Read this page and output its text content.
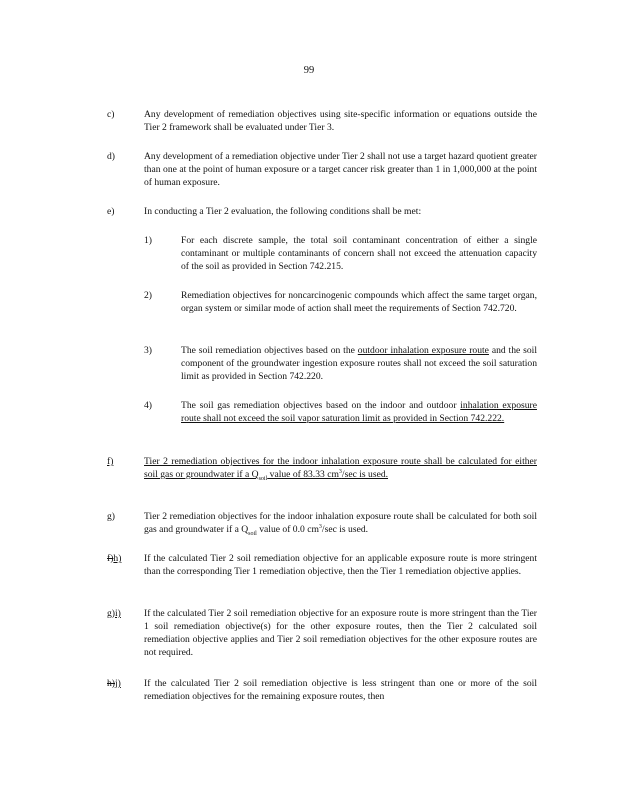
99
c)	Any development of remediation objectives using site-specific information or equations outside the Tier 2 framework shall be evaluated under Tier 3.
d)	Any development of a remediation objective under Tier 2 shall not use a target hazard quotient greater than one at the point of human exposure or a target cancer risk greater than 1 in 1,000,000 at the point of human exposure.
e)	In conducting a Tier 2 evaluation, the following conditions shall be met:
1)	For each discrete sample, the total soil contaminant concentration of either a single contaminant or multiple contaminants of concern shall not exceed the attenuation capacity of the soil as provided in Section 742.215.
2)	Remediation objectives for noncarcinogenic compounds which affect the same target organ, organ system or similar mode of action shall meet the requirements of Section 742.720.
3)	The soil remediation objectives based on the outdoor inhalation exposure route and the soil component of the groundwater ingestion exposure routes shall not exceed the soil saturation limit as provided in Section 742.220.
4)	The soil gas remediation objectives based on the indoor and outdoor inhalation exposure route shall not exceed the soil vapor saturation limit as provided in Section 742.222.
f)	Tier 2 remediation objectives for the indoor inhalation exposure route shall be calculated for either soil gas or groundwater if a $Q_{soil}$ value of 83.33 $cm^3/\sec$ is used.
g)	Tier 2 remediation objectives for the indoor inhalation exposure route shall be calculated for both soil gas and groundwater if a $Q_{soil}$ value of 0.0 $cm^3/\sec$ is used.
f)h) If the calculated Tier 2 soil remediation objective for an applicable exposure route is more stringent than the corresponding Tier 1 remediation objective, then the Tier 1 remediation objective applies.
g)i) If the calculated Tier 2 soil remediation objective for an exposure route is more stringent than the Tier 1 soil remediation objective(s) for the other exposure routes, then the Tier 2 calculated soil remediation objective applies and Tier 2 soil remediation objectives for the other exposure routes are not required.
h)j) If the calculated Tier 2 soil remediation objective is less stringent than one or more of the soil remediation objectives for the remaining exposure routes, then
